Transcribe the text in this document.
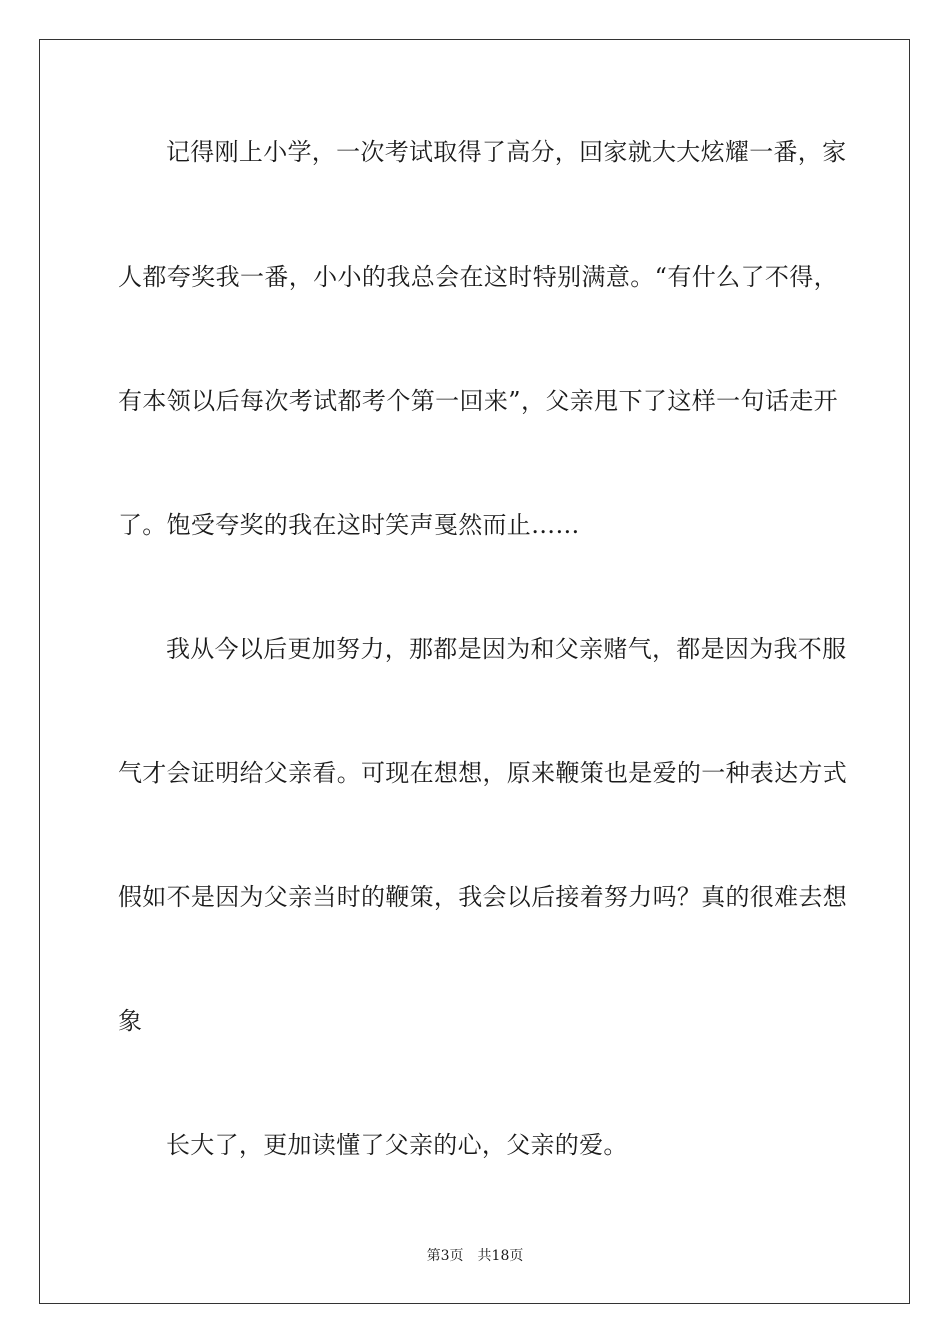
记得刚上小学，一次考试取得了高分，回家就大大炫耀一番，家
人都夸奖我一番，小小的我总会在这时特别满意。“有什么了不得，
有本领以后每次考试都考个第一回来”，父亲甩下了这样一句话走开
了。饱受夸奖的我在这时笑声戛然而止……
我从今以后更加努力，那都是因为和父亲赌气，都是因为我不服
气才会证明给父亲看。可现在想想，原来鞭策也是爱的一种表达方式
假如不是因为父亲当时的鞭策，我会以后接着努力吗？真的很难去想
象
长大了，更加读懂了父亲的心，父亲的爱。
第3页　共18页
